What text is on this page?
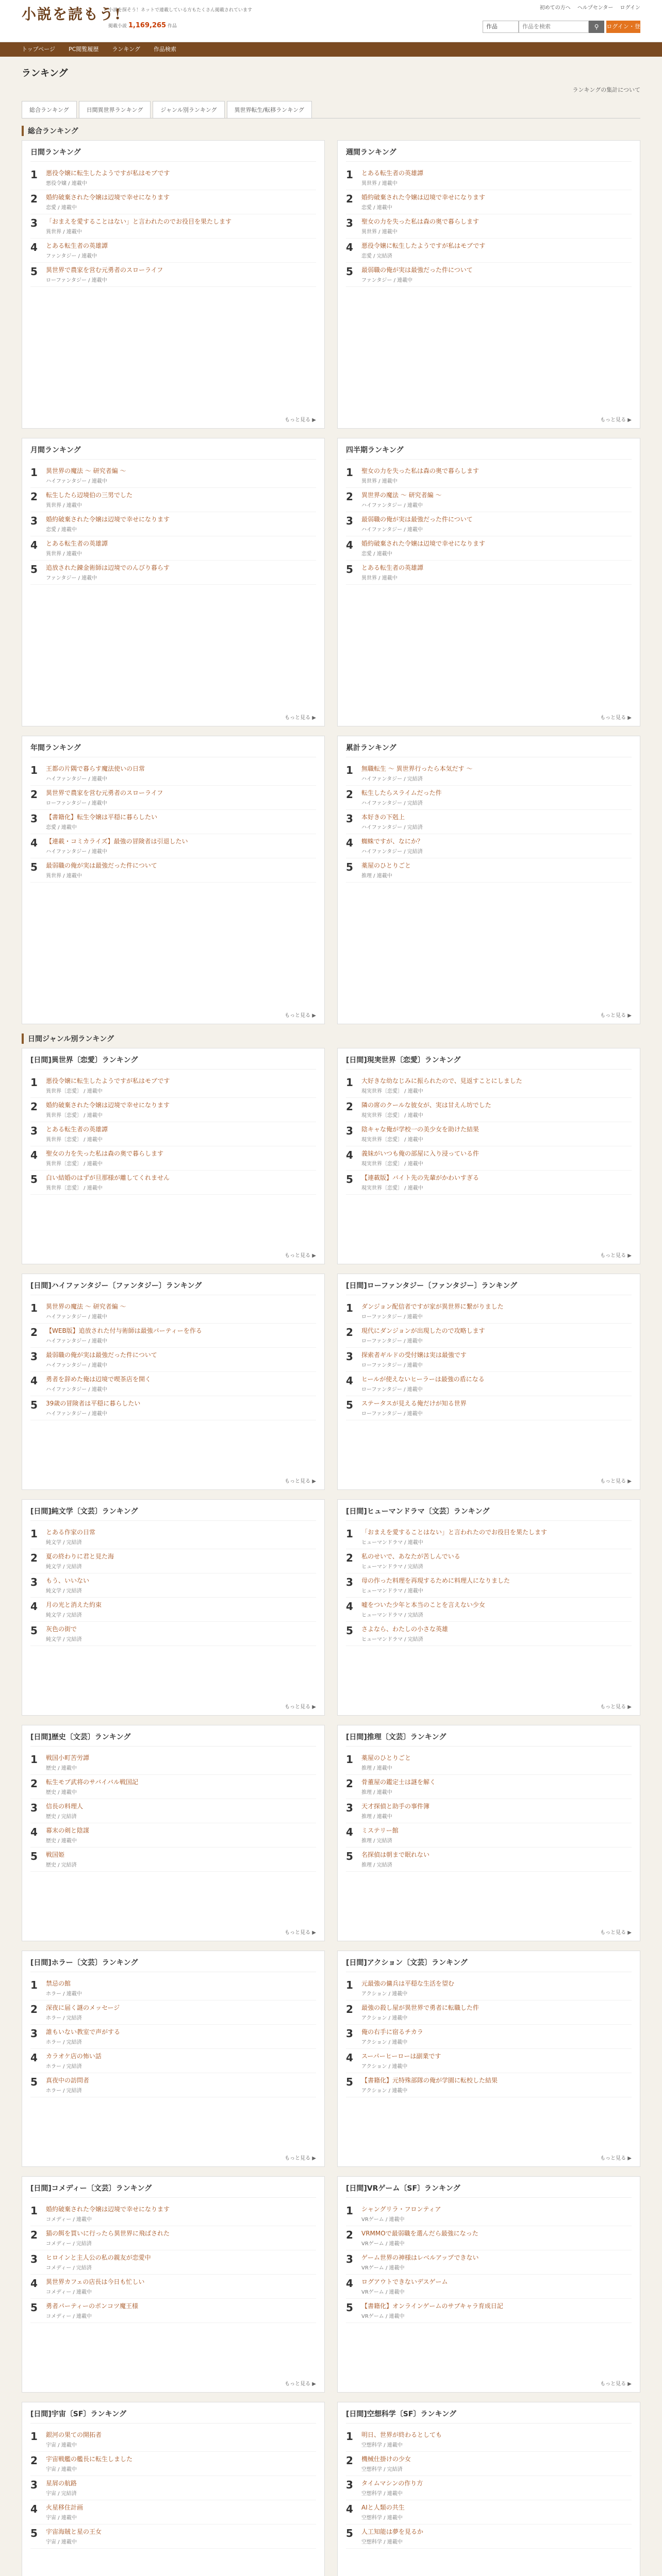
小説を読もう!
小説を探そう！ネットで連載している方もたくさん掲載されています
掲載小説 1,169,265 作品
初めての方へ ヘルプセンター ログイン
作品
作品を検索	⚲	ログイン・登録
トップページ PC閲覧履歴 ランキング 作品検索
ランキング
ランキングの集計について
総合ランキング	日間異世界ランキング	ジャンル別ランキング	異世界転生/転移ランキング
総合ランキング
日間ランキング
1	悪役令嬢に転生したようですが私はモブです
悪役令嬢 / 連載中
2	婚約破棄された令嬢は辺境で幸せになります
恋愛 / 連載中
3	「おまえを愛することはない」と言われたのでお役目を果たします
異世界 / 連載中
4	とある転生者の英雄譚
ファンタジー / 連載中
5	異世界で農家を営む元勇者のスローライフ
ローファンタジー / 連載中
もっと見る ▶
週間ランキング
1	とある転生者の英雄譚
異世界 / 連載中
2	婚約破棄された令嬢は辺境で幸せになります
恋愛 / 連載中
3	聖女の力を失った私は森の奥で暮らします
異世界 / 連載中
4	悪役令嬢に転生したようですが私はモブです
恋愛 / 完結済
5	最弱職の俺が実は最強だった件について
ファンタジー / 連載中
もっと見る ▶
月間ランキング
1	異世界の魔法 ～ 研究者編 ～
ハイファンタジー / 連載中
2	転生したら辺境伯の三男でした
異世界 / 連載中
3	婚約破棄された令嬢は辺境で幸せになります
恋愛 / 連載中
4	とある転生者の英雄譚
異世界 / 連載中
5	追放された錬金術師は辺境でのんびり暮らす
ファンタジー / 連載中
もっと見る ▶
四半期ランキング
1	聖女の力を失った私は森の奥で暮らします
異世界 / 連載中
2	異世界の魔法 ～ 研究者編 ～
ハイファンタジー / 連載中
3	最弱職の俺が実は最強だった件について
ハイファンタジー / 連載中
4	婚約破棄された令嬢は辺境で幸せになります
恋愛 / 連載中
5	とある転生者の英雄譚
異世界 / 連載中
もっと見る ▶
年間ランキング
1	王都の片隅で暮らす魔法使いの日常
ハイファンタジー / 連載中
2	異世界で農家を営む元勇者のスローライフ
ローファンタジー / 連載中
3	【書籍化】転生令嬢は平穏に暮らしたい
恋愛 / 連載中
4	【連載・コミカライズ】最強の冒険者は引退したい
ハイファンタジー / 連載中
5	最弱職の俺が実は最強だった件について
異世界 / 連載中
もっと見る ▶
累計ランキング
1	無職転生 ～ 異世界行ったら本気だす ～
ハイファンタジー / 完結済
2	転生したらスライムだった件
ハイファンタジー / 完結済
3	本好きの下剋上
ハイファンタジー / 完結済
4	蜘蛛ですが、なにか？
ハイファンタジー / 完結済
5	薬屋のひとりごと
推理 / 連載中
もっと見る ▶
日間ジャンル別ランキング
[日間]異世界〔恋愛〕ランキング
1	悪役令嬢に転生したようですが私はモブです
異世界〔恋愛〕 / 連載中
2	婚約破棄された令嬢は辺境で幸せになります
異世界〔恋愛〕 / 連載中
3	とある転生者の英雄譚
異世界〔恋愛〕 / 連載中
4	聖女の力を失った私は森の奥で暮らします
異世界〔恋愛〕 / 連載中
5	白い結婚のはずが旦那様が離してくれません
異世界〔恋愛〕 / 連載中
もっと見る ▶
[日間]現実世界〔恋愛〕ランキング
1	大好きな幼なじみに振られたので、見返すことにしました
現実世界〔恋愛〕 / 連載中
2	隣の席のクールな彼女が、実は甘えん坊でした
現実世界〔恋愛〕 / 連載中
3	陰キャな俺が学校一の美少女を助けた結果
現実世界〔恋愛〕 / 連載中
4	義妹がいつも俺の部屋に入り浸っている件
現実世界〔恋愛〕 / 連載中
5	【連載版】バイト先の先輩がかわいすぎる
現実世界〔恋愛〕 / 連載中
もっと見る ▶
[日間]ハイファンタジー〔ファンタジー〕ランキング
1	異世界の魔法 ～ 研究者編 ～
ハイファンタジー / 連載中
2	【WEB版】追放された付与術師は最強パーティーを作る
ハイファンタジー / 連載中
3	最弱職の俺が実は最強だった件について
ハイファンタジー / 連載中
4	勇者を辞めた俺は辺境で喫茶店を開く
ハイファンタジー / 連載中
5	39歳の冒険者は平穏に暮らしたい
ハイファンタジー / 連載中
もっと見る ▶
[日間]ローファンタジー〔ファンタジー〕ランキング
1	ダンジョン配信者ですが家が異世界に繋がりました
ローファンタジー / 連載中
2	現代にダンジョンが出現したので攻略します
ローファンタジー / 連載中
3	探索者ギルドの受付嬢は実は最強です
ローファンタジー / 連載中
4	ヒールが使えないヒーラーは最強の盾になる
ローファンタジー / 連載中
5	ステータスが見える俺だけが知る世界
ローファンタジー / 連載中
もっと見る ▶
[日間]純文学〔文芸〕ランキング
1	とある作家の日常
純文学 / 完結済
2	夏の終わりに君と見た海
純文学 / 完結済
3	もう、いいない
純文学 / 完結済
4	月の光と消えた約束
純文学 / 完結済
5	灰色の街で
純文学 / 完結済
もっと見る ▶
[日間]ヒューマンドラマ〔文芸〕ランキング
1	「おまえを愛することはない」と言われたのでお役目を果たします
ヒューマンドラマ / 連載中
2	私のせいで、あなたが苦しんでいる
ヒューマンドラマ / 完結済
3	母の作った料理を再現するために料理人になりました
ヒューマンドラマ / 連載中
4	嘘をついた少年と本当のことを言えない少女
ヒューマンドラマ / 完結済
5	さよなら、わたしの小さな英雄
ヒューマンドラマ / 完結済
もっと見る ▶
[日間]歴史〔文芸〕ランキング
1	戦国小町苦労譚
歴史 / 連載中
2	転生モブ武将のサバイバル戦国記
歴史 / 連載中
3	信長の料理人
歴史 / 完結済
4	幕末の剣と陰謀
歴史 / 連載中
5	戦国姫
歴史 / 完結済
もっと見る ▶
[日間]推理〔文芸〕ランキング
1	薬屋のひとりごと
推理 / 連載中
2	骨董屋の鑑定士は謎を解く
推理 / 連載中
3	天才探偵と助手の事件簿
推理 / 連載中
4	ミステリー館
推理 / 完結済
5	名探偵は朝まで眠れない
推理 / 完結済
もっと見る ▶
[日間]ホラー〔文芸〕ランキング
1	禁忌の館
ホラー / 連載中
2	深夜に届く謎のメッセージ
ホラー / 完結済
3	誰もいない教室で声がする
ホラー / 完結済
4	カラオケ店の怖い話
ホラー / 完結済
5	真夜中の訪問者
ホラー / 完結済
もっと見る ▶
[日間]アクション〔文芸〕ランキング
1	元最強の傭兵は平穏な生活を望む
アクション / 連載中
2	最強の殺し屋が異世界で勇者に転職した件
アクション / 連載中
3	俺の右手に宿るチカラ
アクション / 連載中
4	スーパーヒーローは副業です
アクション / 連載中
5	【書籍化】元特殊部隊の俺が学園に転校した結果
アクション / 連載中
もっと見る ▶
[日間]コメディー〔文芸〕ランキング
1	婚約破棄された令嬢は辺境で幸せになります
コメディー / 連載中
2	猫の餌を買いに行ったら異世界に飛ばされた
コメディー / 完結済
3	ヒロインと主人公の私の親友が恋愛中
コメディー / 完結済
4	異世界カフェの店長は今日も忙しい
コメディー / 連載中
5	勇者パーティーのポンコツ魔王様
コメディー / 連載中
もっと見る ▶
[日間]VRゲーム〔SF〕ランキング
1	シャングリラ・フロンティア
VRゲーム / 連載中
2	VRMMOで最弱職を選んだら最強になった
VRゲーム / 連載中
3	ゲーム世界の神様はレベルアップできない
VRゲーム / 連載中
4	ログアウトできないデスゲーム
VRゲーム / 連載中
5	【書籍化】オンラインゲームのサブキャラ育成日記
VRゲーム / 連載中
もっと見る ▶
[日間]宇宙〔SF〕ランキング
1	銀河の果ての開拓者
宇宙 / 連載中
2	宇宙戦艦の艦長に転生しました
宇宙 / 連載中
3	星屑の航路
宇宙 / 完結済
4	火星移住計画
宇宙 / 連載中
5	宇宙海賊と星の王女
宇宙 / 連載中
[日間]空想科学〔SF〕ランキング
1	明日、世界が終わるとしても
空想科学 / 連載中
2	機械仕掛けの少女
空想科学 / 完結済
3	タイムマシンの作り方
空想科学 / 連載中
4	AIと人類の共生
空想科学 / 連載中
5	人工知能は夢を見るか
空想科学 / 連載中
